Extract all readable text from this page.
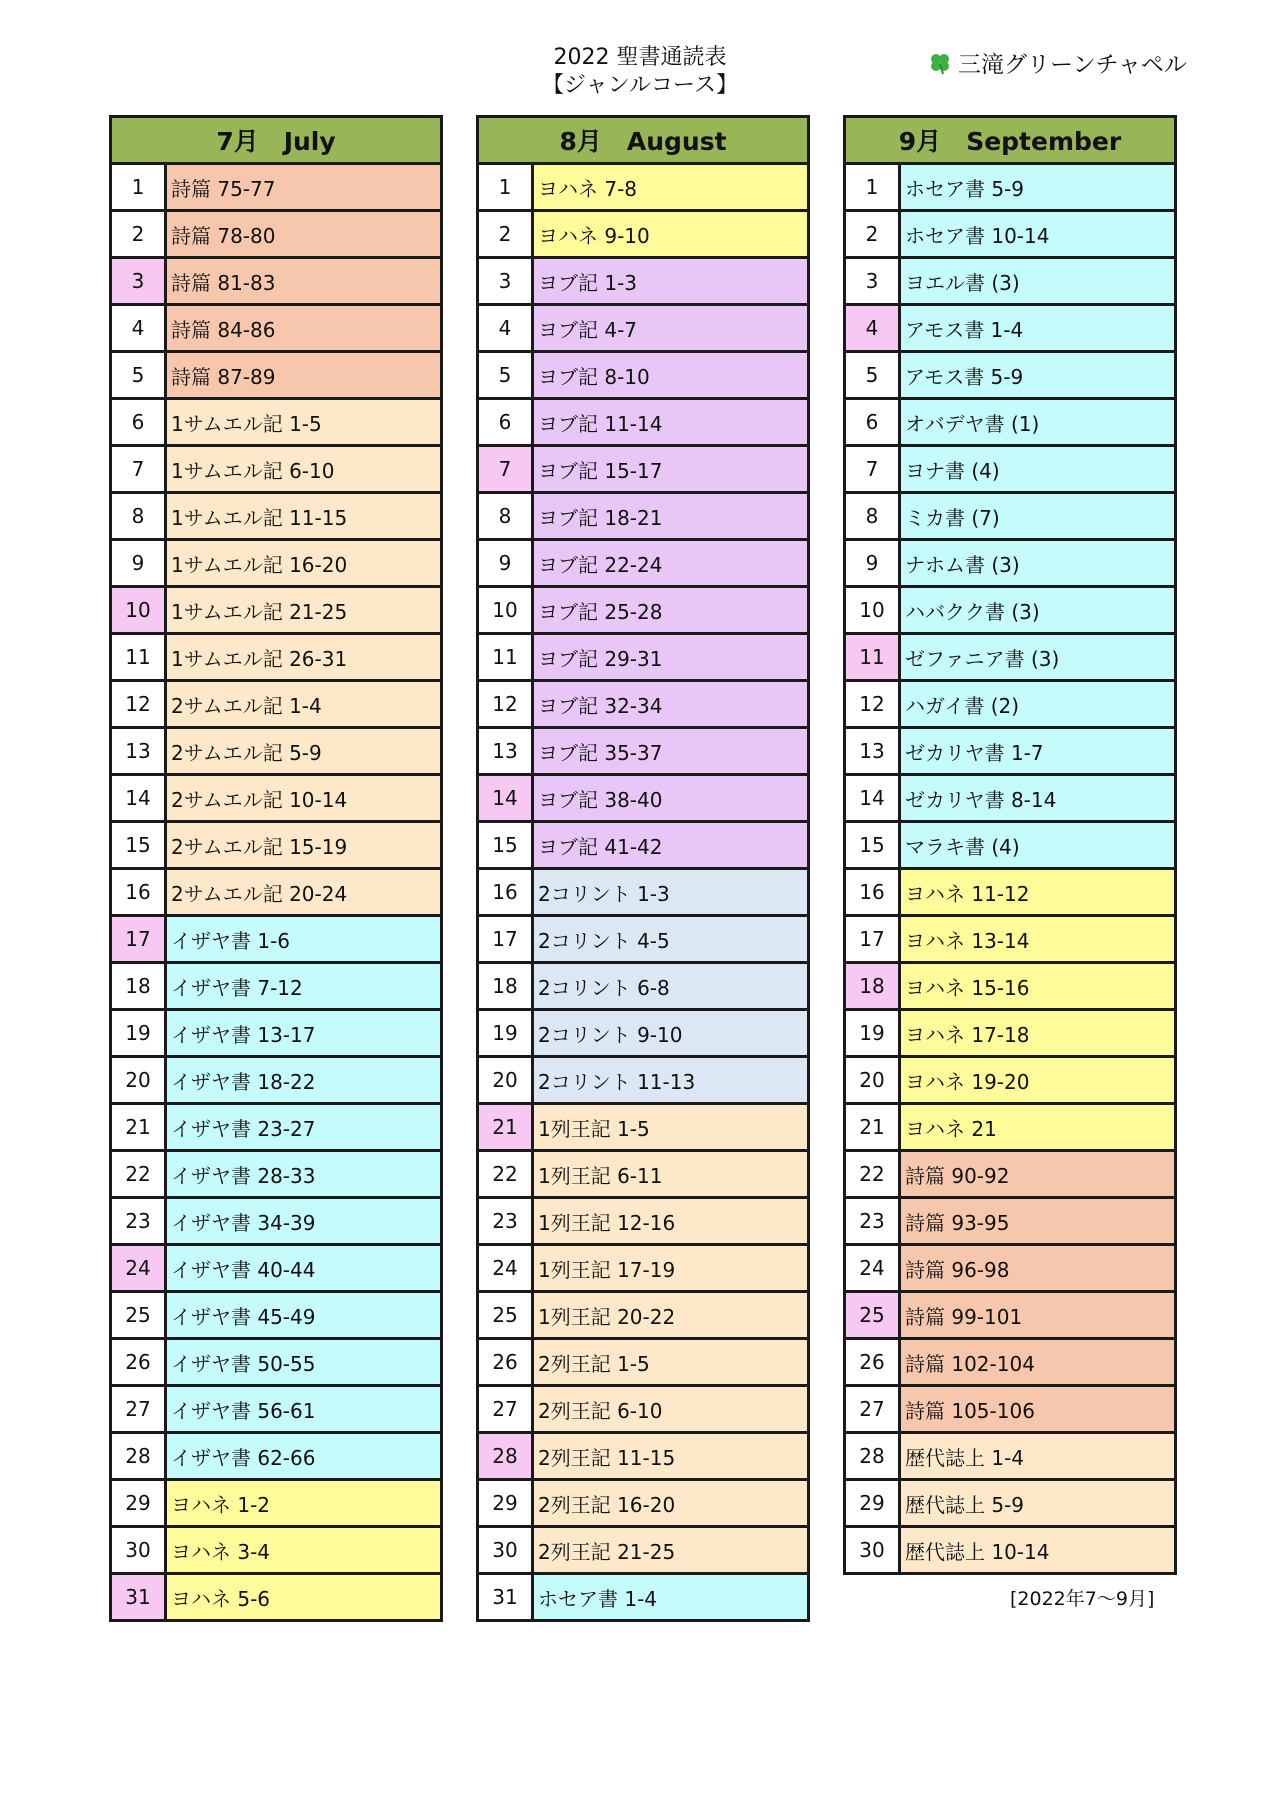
2022 聖書通読表
【ジャンルコース】
三滝グリーンチャペル
7月　July
1	詩篇 75-77
2	詩篇 78-80
3	詩篇 81-83
4	詩篇 84-86
5	詩篇 87-89
6	1サムエル記 1-5
7	1サムエル記 6-10
8	1サムエル記 11-15
9	1サムエル記 16-20
10	1サムエル記 21-25
11	1サムエル記 26-31
12	2サムエル記 1-4
13	2サムエル記 5-9
14	2サムエル記 10-14
15	2サムエル記 15-19
16	2サムエル記 20-24
17	イザヤ書 1-6
18	イザヤ書 7-12
19	イザヤ書 13-17
20	イザヤ書 18-22
21	イザヤ書 23-27
22	イザヤ書 28-33
23	イザヤ書 34-39
24	イザヤ書 40-44
25	イザヤ書 45-49
26	イザヤ書 50-55
27	イザヤ書 56-61
28	イザヤ書 62-66
29	ヨハネ 1-2
30	ヨハネ 3-4
31	ヨハネ 5-6
8月　August
1	ヨハネ 7-8
2	ヨハネ 9-10
3	ヨブ記 1-3
4	ヨブ記 4-7
5	ヨブ記 8-10
6	ヨブ記 11-14
7	ヨブ記 15-17
8	ヨブ記 18-21
9	ヨブ記 22-24
10	ヨブ記 25-28
11	ヨブ記 29-31
12	ヨブ記 32-34
13	ヨブ記 35-37
14	ヨブ記 38-40
15	ヨブ記 41-42
16	2コリント 1-3
17	2コリント 4-5
18	2コリント 6-8
19	2コリント 9-10
20	2コリント 11-13
21	1列王記 1-5
22	1列王記 6-11
23	1列王記 12-16
24	1列王記 17-19
25	1列王記 20-22
26	2列王記 1-5
27	2列王記 6-10
28	2列王記 11-15
29	2列王記 16-20
30	2列王記 21-25
31	ホセア書 1-4
9月　September
1	ホセア書 5-9
2	ホセア書 10-14
3	ヨエル書 (3)
4	アモス書 1-4
5	アモス書 5-9
6	オバデヤ書 (1)
7	ヨナ書 (4)
8	ミカ書 (7)
9	ナホム書 (3)
10	ハバクク書 (3)
11	ゼファニア書 (3)
12	ハガイ書 (2)
13	ゼカリヤ書 1-7
14	ゼカリヤ書 8-14
15	マラキ書 (4)
16	ヨハネ 11-12
17	ヨハネ 13-14
18	ヨハネ 15-16
19	ヨハネ 17-18
20	ヨハネ 19-20
21	ヨハネ 21
22	詩篇 90-92
23	詩篇 93-95
24	詩篇 96-98
25	詩篇 99-101
26	詩篇 102-104
27	詩篇 105-106
28	歴代誌上 1-4
29	歴代誌上 5-9
30	歴代誌上 10-14
[2022年7～9月]
